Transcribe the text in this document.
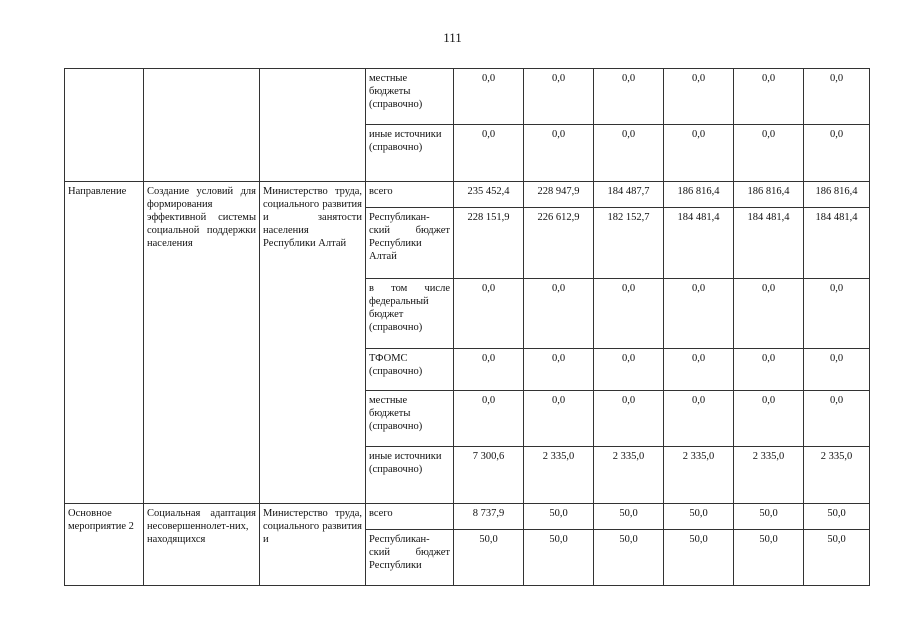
111
			местные бюджеты (справочно)	0,0	0,0	0,0	0,0	0,0	0,0
			иные источники (справочно)	0,0	0,0	0,0	0,0	0,0	0,0
Направление	Создание условий для формирования эффективной системы социальной поддержки населения	Министерство труда, социального развития и занятости населения Республики Алтай	всего	235 452,4	228 947,9	184 487,7	186 816,4	186 816,4	186 816,4
			Республикан-ский бюджет Республики Алтай	228 151,9	226 612,9	182 152,7	184 481,4	184 481,4	184 481,4
			в том числе федеральный бюджет (справочно)	0,0	0,0	0,0	0,0	0,0	0,0
			ТФОМС (справочно)	0,0	0,0	0,0	0,0	0,0	0,0
			местные бюджеты (справочно)	0,0	0,0	0,0	0,0	0,0	0,0
			иные источники (справочно)	7 300,6	2 335,0	2 335,0	2 335,0	2 335,0	2 335,0
Основное мероприятие 2	Социальная адаптация несовершеннолет-них, находящихся	Министерство труда, социального развития и	всего	8 737,9	50,0	50,0	50,0	50,0	50,0
			Республикан-ский бюджет Республики	50,0	50,0	50,0	50,0	50,0	50,0
